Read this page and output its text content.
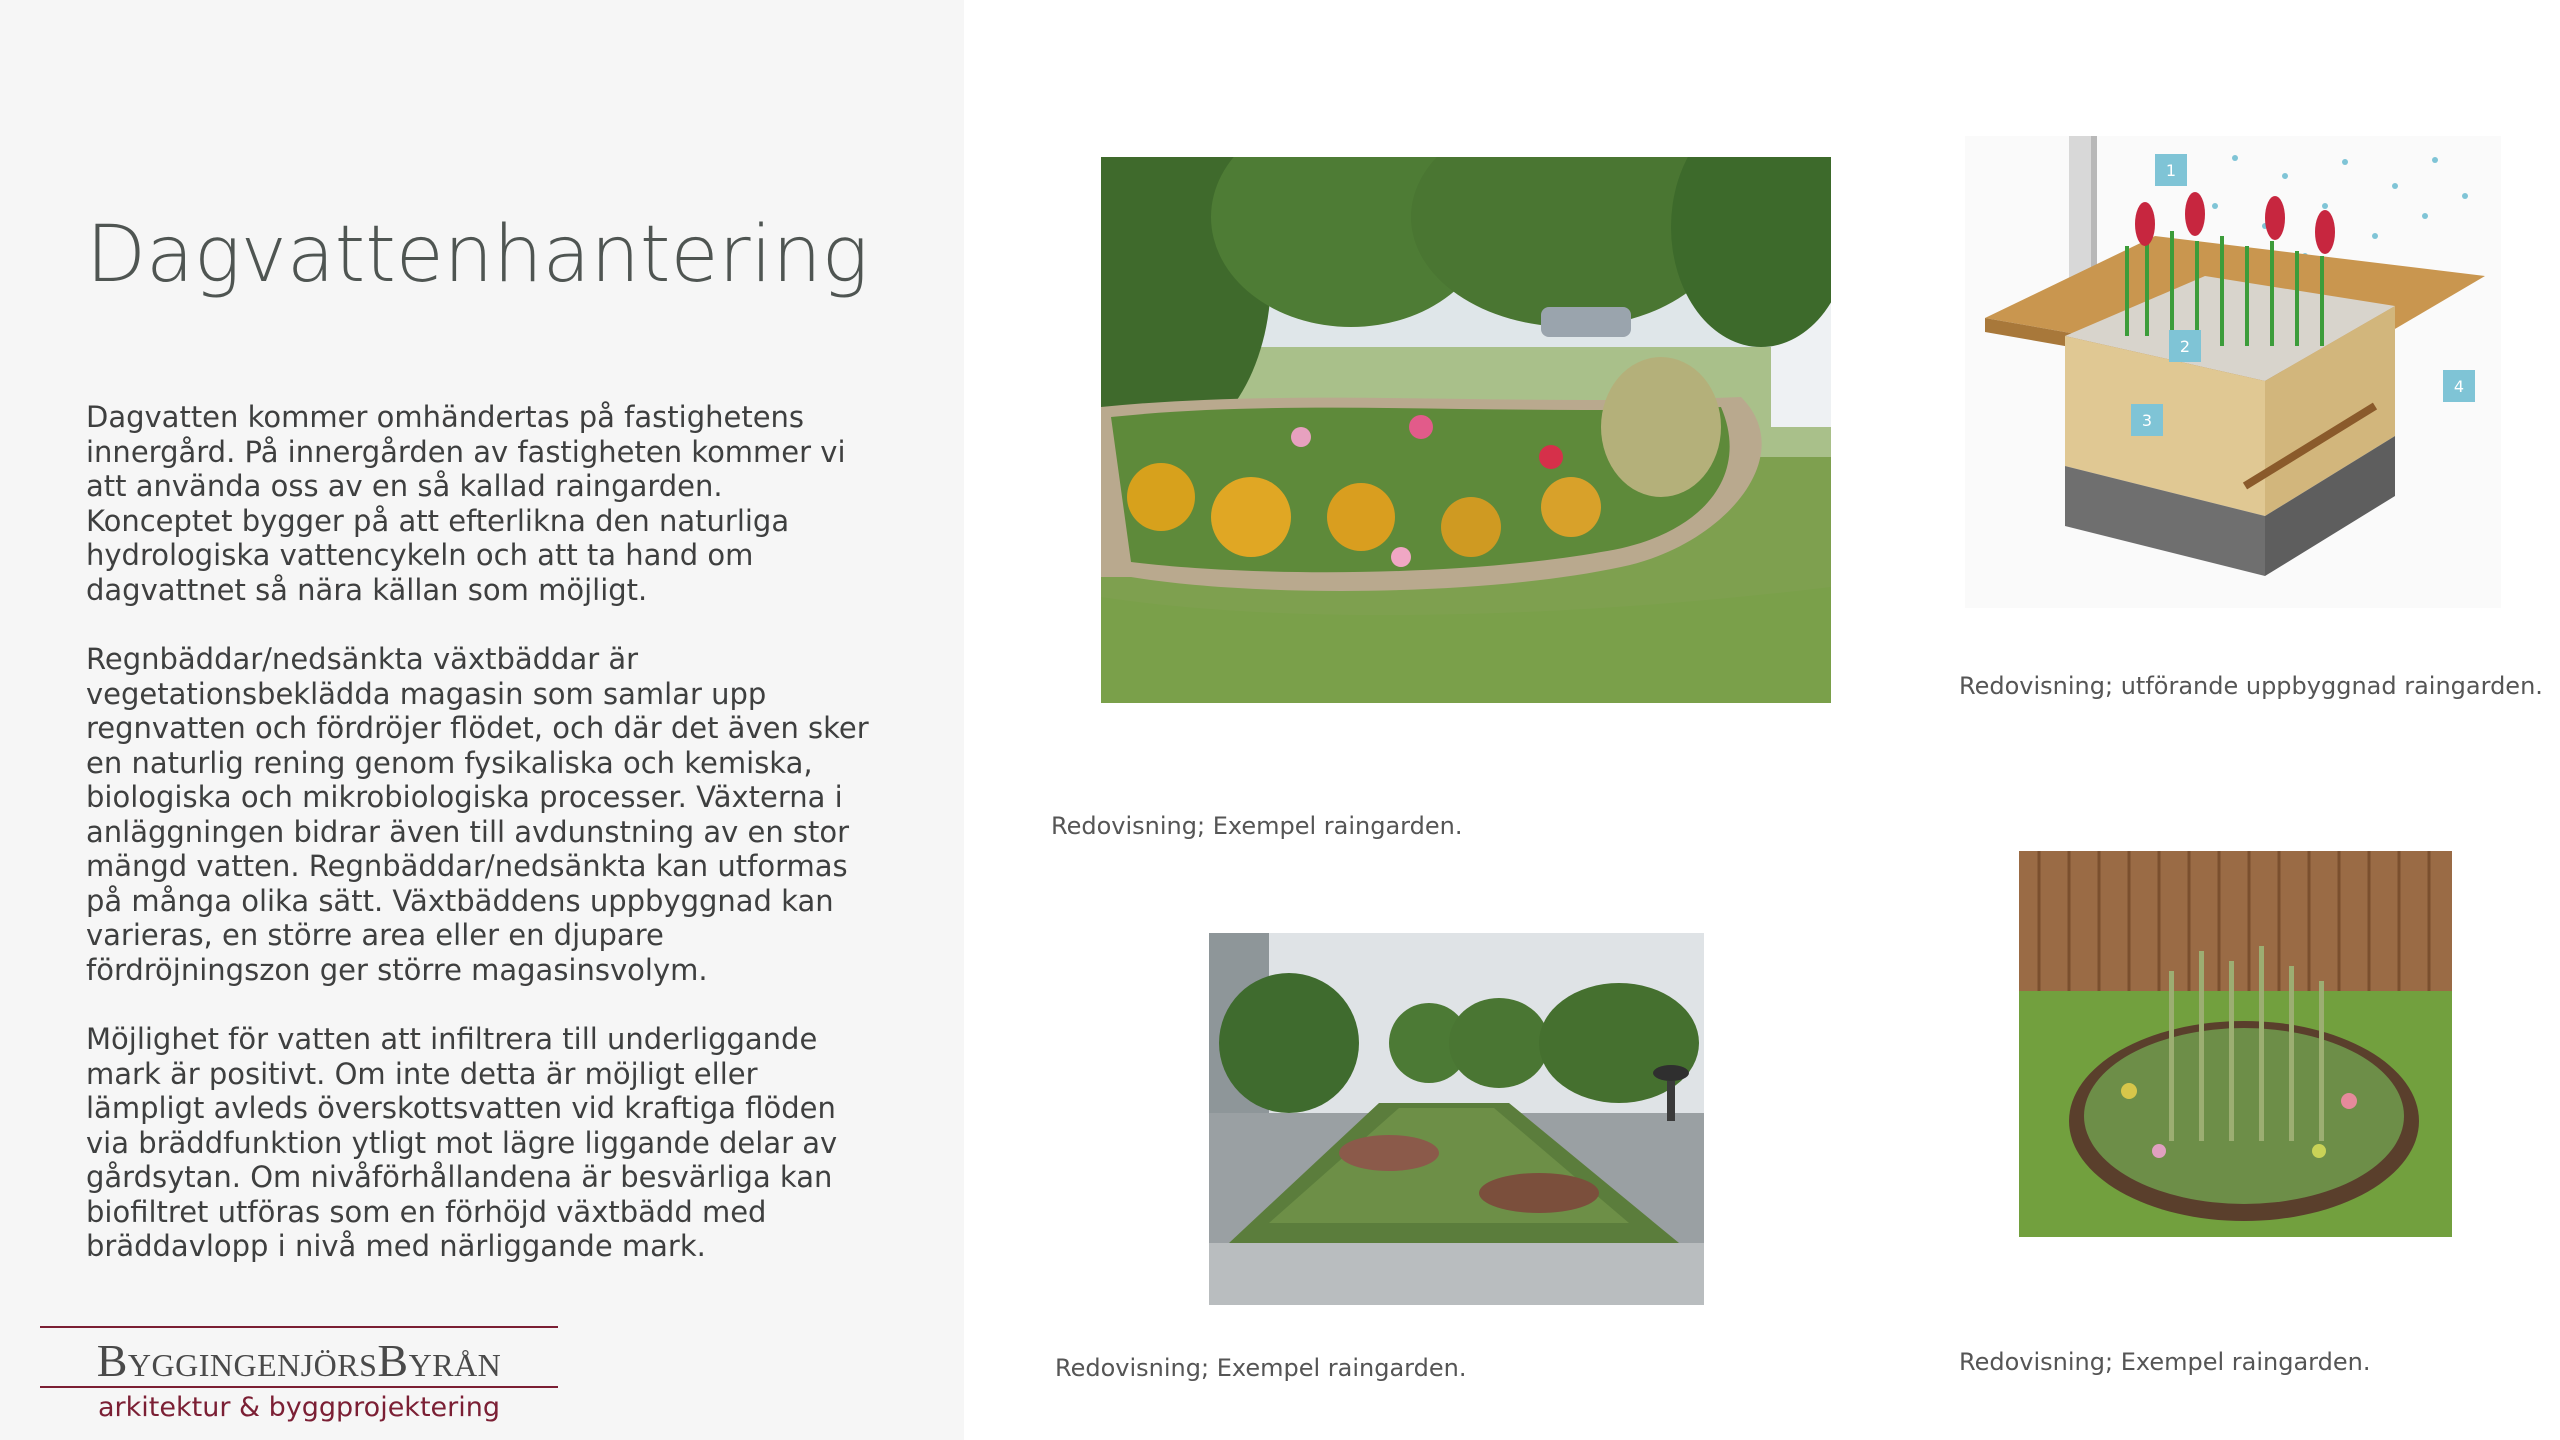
Dagvattenhantering

Dagvatten kommer omhändertas på fastighetens innergård. På innergården av fastigheten kommer vi att använda oss av en så kallad raingarden. Konceptet bygger på att efterlikna den naturliga hydrologiska vattencykeln och att ta hand om dagvattnet så nära källan som möjligt.

Regnbäddar/nedsänkta växtbäddar är vegetationsbeklädda magasin som samlar upp regnvatten och fördröjer flödet, och där det även sker en naturlig rening genom fysikaliska och kemiska, biologiska och mikrobiologiska processer. Växterna i anläggningen bidrar även till avdunstning av en stor mängd vatten. Regnbäddar/nedsänkta kan utformas på många olika sätt. Växtbäddens uppbyggnad kan varieras, en större area eller en djupare fördröjningszon ger större magasinsvolym.

Möjlighet för vatten att infiltrera till underliggande mark är positivt. Om inte detta är möjligt eller lämpligt avleds överskottsvatten vid kraftiga flöden via bräddfunktion ytligt mot lägre liggande delar av gårdsytan. Om nivåförhållandena är besvärliga kan biofiltret utföras som en förhöjd växtbädd med bräddavlopp i nivå med närliggande mark.

ByggingenjörsByrån
arkitektur & byggprojektering
Redovisning; Exempel raingarden.
1
2
3
4
Redovisning; utförande uppbyggnad raingarden.
Redovisning; Exempel raingarden.	Redovisning; Exempel raingarden.
